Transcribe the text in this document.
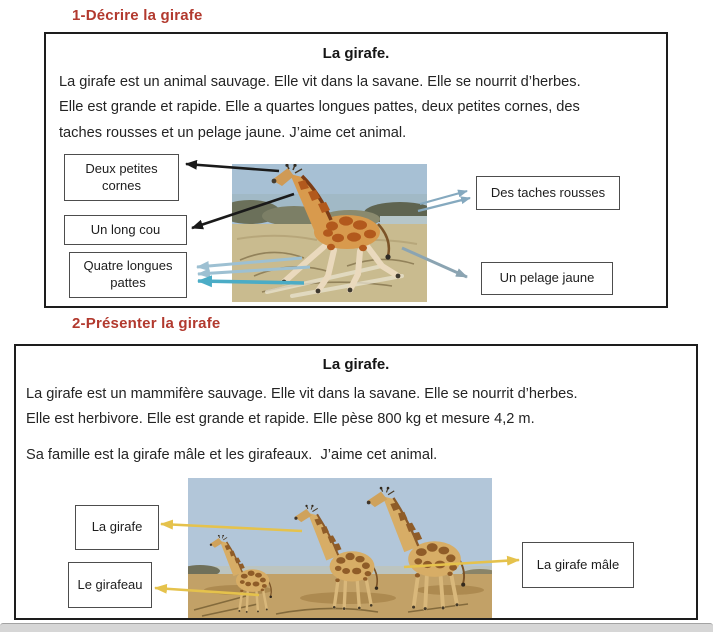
1-Décrire la girafe
La girafe.
La girafe est un animal sauvage. Elle vit dans la savane. Elle se nourrit d’herbes.
Elle est grande et rapide. Elle a quartes longues pattes, deux petites cornes, des
taches rousses et un pelage jaune. J’aime cet animal.
Deux petites cornes
Un long cou
Quatre longues pattes
Des taches rousses
Un pelage jaune
2-Présenter la girafe
La girafe.
La girafe est un mammifère sauvage. Elle vit dans la savane. Elle se nourrit d’herbes.
Elle est herbivore. Elle est grande et rapide. Elle pèse 800 kg et mesure 4,2 m.
Sa famille est la girafe mâle et les girafeaux.  J’aime cet animal.
La girafe
Le girafeau
La girafe mâle
